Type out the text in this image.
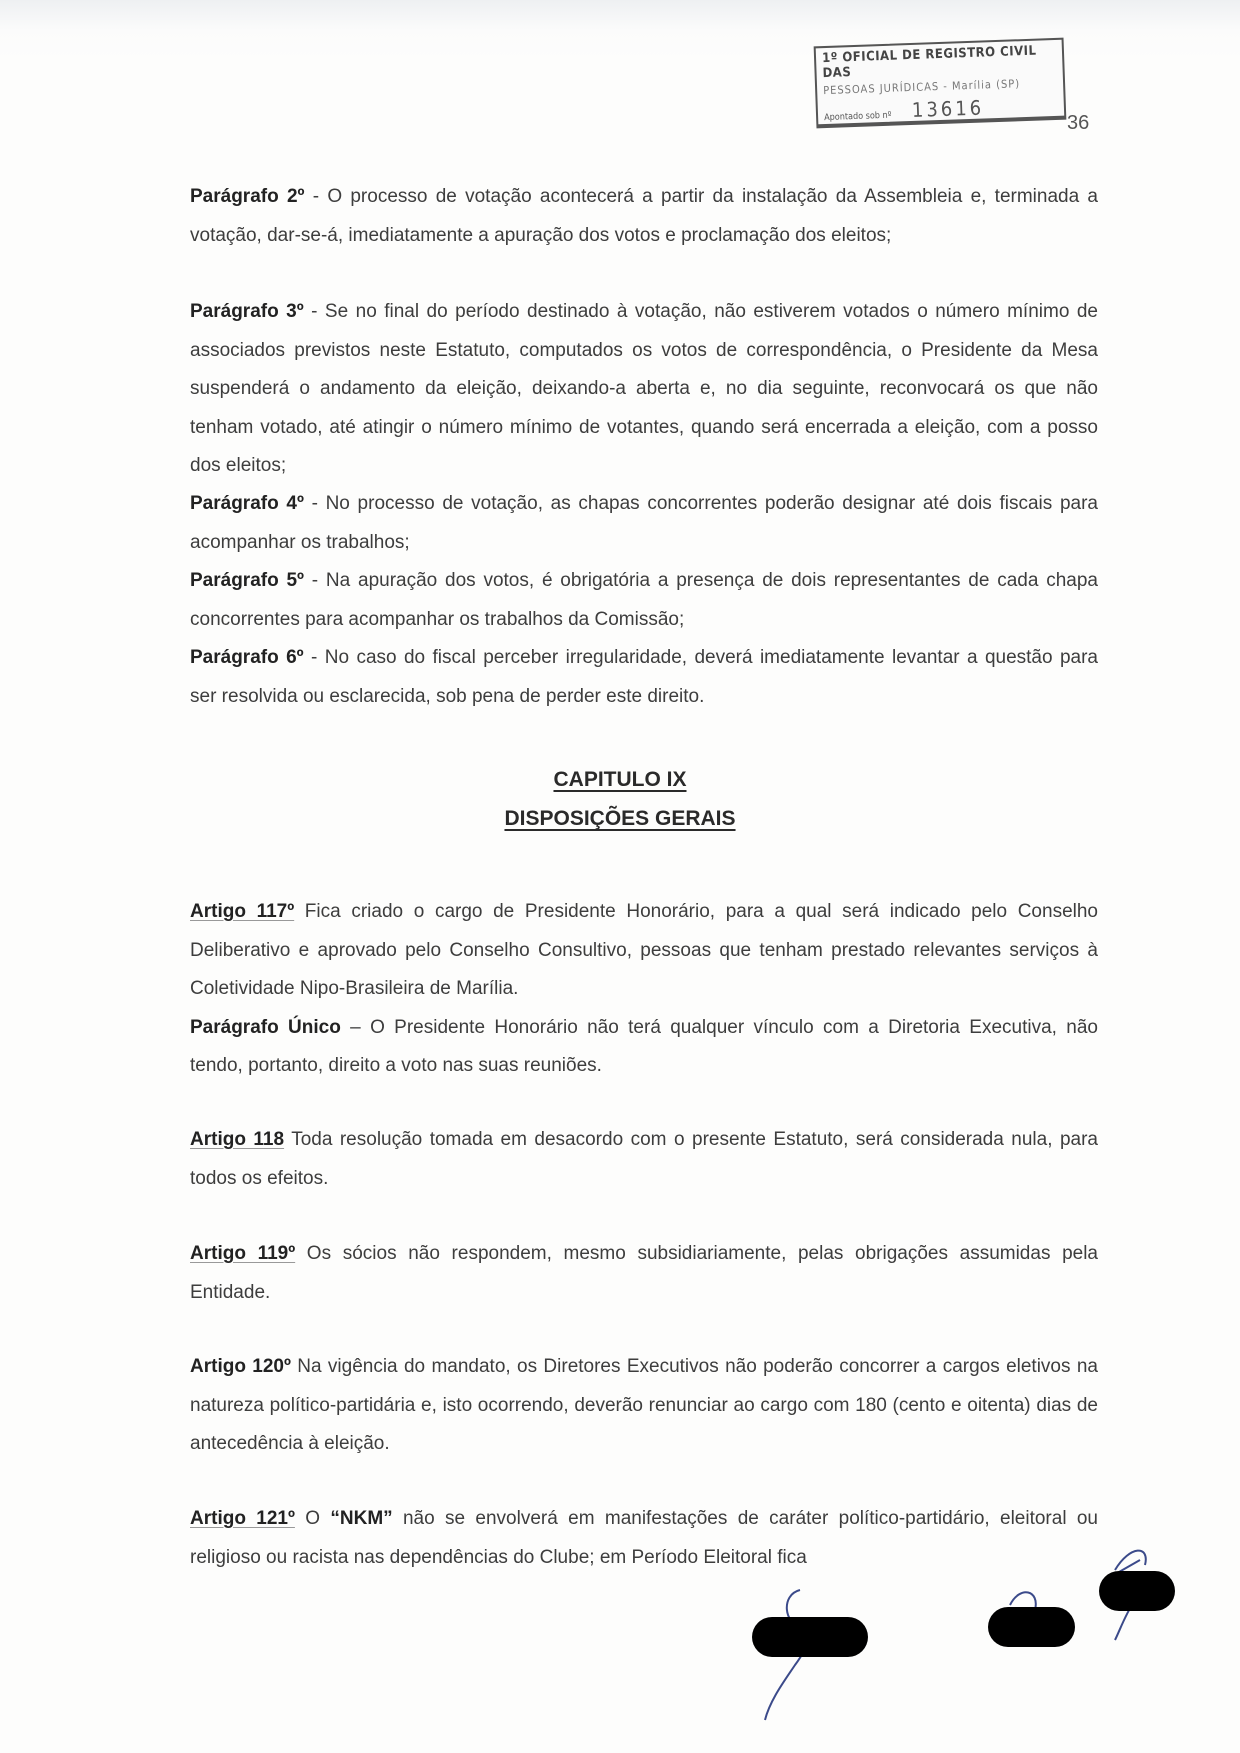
1º OFICIAL DE REGISTRO CIVIL DAS
PESSOAS JURÍDICAS - Marília (SP)
Apontado sob nº 13616
36
Parágrafo 2º - O processo de votação acontecerá a partir da instalação da Assembleia e, terminada a votação, dar-se-á, imediatamente a apuração dos votos e proclamação dos eleitos;
Parágrafo 3º - Se no final do período destinado à votação, não estiverem votados o número mínimo de associados previstos neste Estatuto, computados os votos de correspondência, o Presidente da Mesa suspenderá o andamento da eleição, deixando-a aberta e, no dia seguinte, reconvocará os que não tenham votado, até atingir o número mínimo de votantes, quando será encerrada a eleição, com a posso dos eleitos;
Parágrafo 4º - No processo de votação, as chapas concorrentes poderão designar até dois fiscais para acompanhar os trabalhos;
Parágrafo 5º - Na apuração dos votos, é obrigatória a presença de dois representantes de cada chapa concorrentes para acompanhar os trabalhos da Comissão;
Parágrafo 6º - No caso do fiscal perceber irregularidade, deverá imediatamente levantar a questão para ser resolvida ou esclarecida, sob pena de perder este direito.
CAPITULO IX
DISPOSIÇÕES GERAIS
Artigo 117º Fica criado o cargo de Presidente Honorário, para a qual será indicado pelo Conselho Deliberativo e aprovado pelo Conselho Consultivo, pessoas que tenham prestado relevantes serviços à Coletividade Nipo-Brasileira de Marília.
Parágrafo Único – O Presidente Honorário não terá qualquer vínculo com a Diretoria Executiva, não tendo, portanto, direito a voto nas suas reuniões.
Artigo 118 Toda resolução tomada em desacordo com o presente Estatuto, será considerada nula, para todos os efeitos.
Artigo 119º Os sócios não respondem, mesmo subsidiariamente, pelas obrigações assumidas pela Entidade.
Artigo 120º Na vigência do mandato, os Diretores Executivos não poderão concorrer a cargos eletivos na natureza político-partidária e, isto ocorrendo, deverão renunciar ao cargo com 180 (cento e oitenta) dias de antecedência à eleição.
Artigo 121º O “NKM” não se envolverá em manifestações de caráter político-partidário, eleitoral ou religioso ou racista nas dependências do Clube; em Período Eleitoral fica
